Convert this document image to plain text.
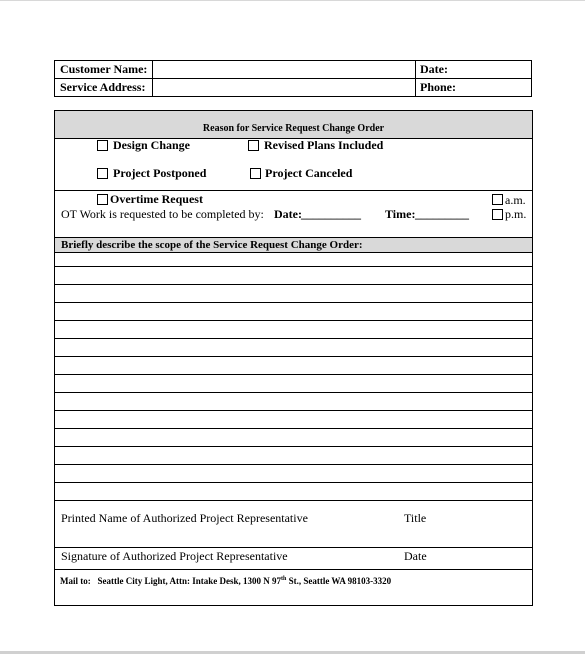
Customer Name:	Date:
Service Address:	Phone:
Reason for Service Request Change Order
Design Change	Revised Plans Included
Project Postponed	Project Canceled
Overtime Request
OT Work is requested to be completed by: Date: __________ Time: _________
a.m.
p.m.
Briefly describe the scope of the Service Request Change Order:
Printed Name of Authorized Project Representative	Title
Signature of Authorized Project Representative	Date
Mail to: Seattle City Light, Attn: Intake Desk, 1300 N 97th St., Seattle WA 98103-3320
